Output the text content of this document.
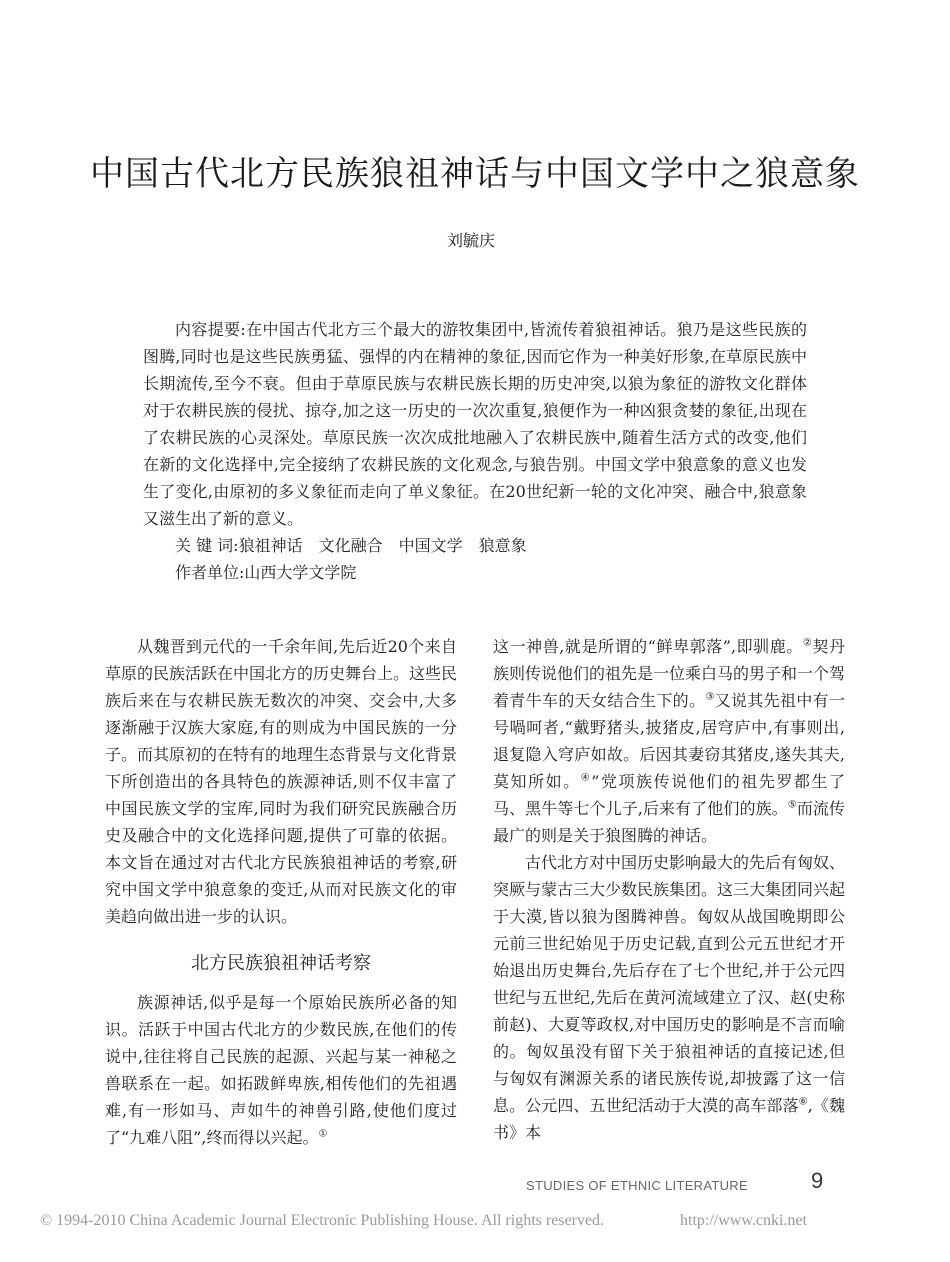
中国古代北方民族狼祖神话与中国文学中之狼意象
刘毓庆

内容提要:在中国古代北方三个最大的游牧集团中,皆流传着狼祖神话。狼乃是这些民族的图腾,同时也是这些民族勇猛、强悍的内在精神的象征,因而它作为一种美好形象,在草原民族中长期流传,至今不衰。但由于草原民族与农耕民族长期的历史冲突,以狼为象征的游牧文化群体对于农耕民族的侵扰、掠夺,加之这一历史的一次次重复,狼便作为一种凶狠贪婪的象征,出现在了农耕民族的心灵深处。草原民族一次次成批地融入了农耕民族中,随着生活方式的改变,他们在新的文化选择中,完全接纳了农耕民族的文化观念,与狼告别。中国文学中狼意象的意义也发生了变化,由原初的多义象征而走向了单义象征。在20世纪新一轮的文化冲突、融合中,狼意象又滋生出了新的意义。

关 键 词:狼祖神话 文化融合 中国文学 狼意象
作者单位:山西大学文学院

从魏晋到元代的一千余年间,先后近20个来自草原的民族活跃在中国北方的历史舞台上。这些民族后来在与农耕民族无数次的冲突、交会中,大多逐渐融于汉族大家庭,有的则成为中国民族的一分子。而其原初的在特有的地理生态背景与文化背景下所创造出的各具特色的族源神话,则不仅丰富了中国民族文学的宝库,同时为我们研究民族融合历史及融合中的文化选择问题,提供了可靠的依据。本文旨在通过对古代北方民族狼祖神话的考察,研究中国文学中狼意象的变迁,从而对民族文化的审美趋向做出进一步的认识。

北方民族狼祖神话考察

族源神话,似乎是每一个原始民族所必备的知识。活跃于中国古代北方的少数民族,在他们的传说中,往往将自己民族的起源、兴起与某一神秘之兽联系在一起。如拓跋鲜卑族,相传他们的先祖遇难,有一形如马、声如牛的神兽引路,使他们度过了“九难八阻”,终而得以兴起。①

这一神兽,就是所谓的“鲜卑郭落”,即驯鹿。②契丹族则传说他们的祖先是一位乘白马的男子和一个驾着青牛车的天女结合生下的。③又说其先祖中有一号喎呵者,“戴野猪头,披猪皮,居穹庐中,有事则出,退复隐入穹庐如故。后因其妻窃其猪皮,遂失其夫,莫知所如。④”党项族传说他们的祖先罗都生了马、黑牛等七个儿子,后来有了他们的族。⑤而流传最广的则是关于狼图腾的神话。

古代北方对中国历史影响最大的先后有匈奴、突厥与蒙古三大少数民族集团。这三大集团同兴起于大漠,皆以狼为图腾神兽。匈奴从战国晚期即公元前三世纪始见于历史记载,直到公元五世纪才开始退出历史舞台,先后存在了七个世纪,并于公元四世纪与五世纪,先后在黄河流域建立了汉、赵(史称前赵)、大夏等政权,对中国历史的影响是不言而喻的。匈奴虽没有留下关于狼祖神话的直接记述,但与匈奴有渊源关系的诸民族传说,却披露了这一信息。公元四、五世纪活动于大漠的高车部落⑥,《魏书》本

STUDIES OF ETHNIC LITERATURE	9
© 1994-2010 China Academic Journal Electronic Publishing House. All rights reserved.	http://www.cnki.net
